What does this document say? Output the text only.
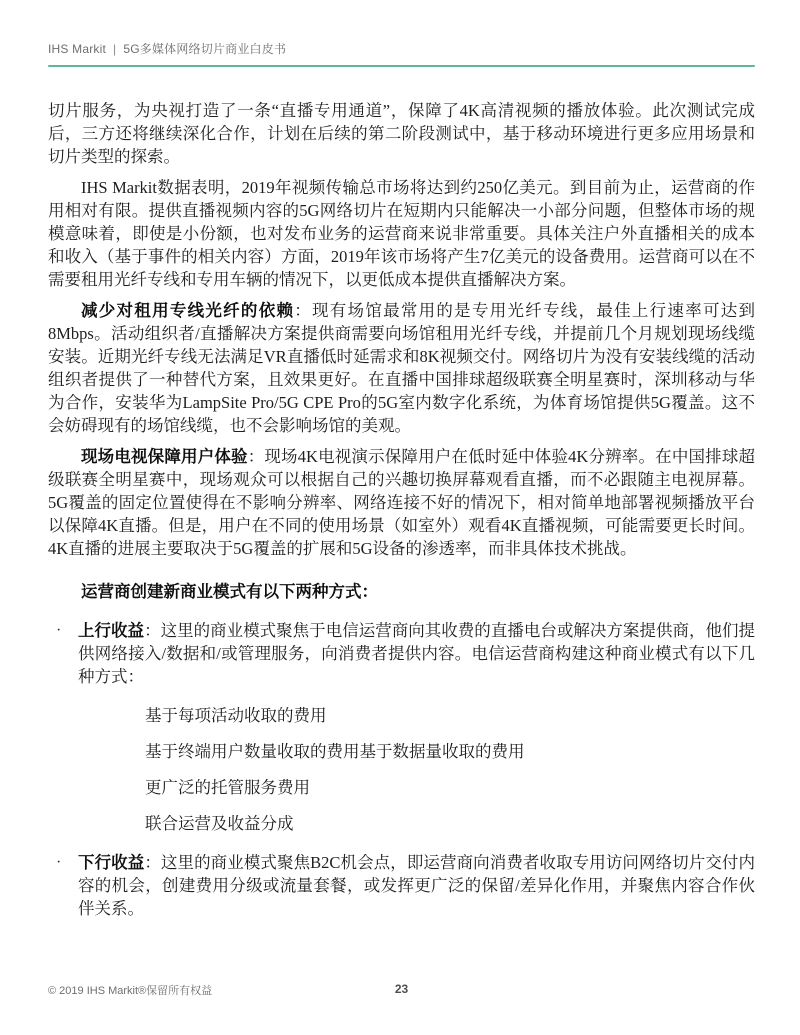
IHS Markit | 5G多媒体网络切片商业白皮书

切片服务，为央视打造了一条“直播专用通道”，保障了4K高清视频的播放体验。此次测试完成后，三方还将继续深化合作，计划在后续的第二阶段测试中，基于移动环境进行更多应用场景和切片类型的探索。

IHS Markit数据表明，2019年视频传输总市场将达到约250亿美元。到目前为止，运营商的作用相对有限。提供直播视频内容的5G网络切片在短期内只能解决一小部分问题，但整体市场的规模意味着，即使是小份额，也对发布业务的运营商来说非常重要。具体关注户外直播相关的成本和收入（基于事件的相关内容）方面，2019年该市场将产生7亿美元的设备费用。运营商可以在不需要租用光纤专线和专用车辆的情况下，以更低成本提供直播解决方案。

减少对租用专线光纤的依赖：现有场馆最常用的是专用光纤专线，最佳上行速率可达到8Mbps。活动组织者/直播解决方案提供商需要向场馆租用光纤专线，并提前几个月规划现场线缆安装。近期光纤专线无法满足VR直播低时延需求和8K视频交付。网络切片为没有安装线缆的活动组织者提供了一种替代方案，且效果更好。在直播中国排球超级联赛全明星赛时，深圳移动与华为合作，安装华为LampSite Pro/5G CPE Pro的5G室内数字化系统，为体育场馆提供5G覆盖。这不会妨碍现有的场馆线缆，也不会影响场馆的美观。

现场电视保障用户体验：现场4K电视演示保障用户在低时延中体验4K分辨率。在中国排球超级联赛全明星赛中，现场观众可以根据自己的兴趣切换屏幕观看直播，而不必跟随主电视屏幕。5G覆盖的固定位置使得在不影响分辨率、网络连接不好的情况下，相对简单地部署视频播放平台以保障4K直播。但是，用户在不同的使用场景（如室外）观看4K直播视频，可能需要更长时间。4K直播的进展主要取决于5G覆盖的扩展和5G设备的渗透率，而非具体技术挑战。

运营商创建新商业模式有以下两种方式：
·	上行收益：这里的商业模式聚焦于电信运营商向其收费的直播电台或解决方案提供商，他们提供网络接入/数据和/或管理服务，向消费者提供内容。电信运营商构建这种商业模式有以下几种方式：

基于每项活动收取的费用

基于终端用户数量收取的费用基于数据量收取的费用

更广泛的托管服务费用

联合运营及收益分成

·	下行收益：这里的商业模式聚焦B2C机会点，即运营商向消费者收取专用访问网络切片交付内容的机会，创建费用分级或流量套餐，或发挥更广泛的保留/差异化作用，并聚焦内容合作伙伴关系。
© 2019 IHS Markit®保留所有权益	23
